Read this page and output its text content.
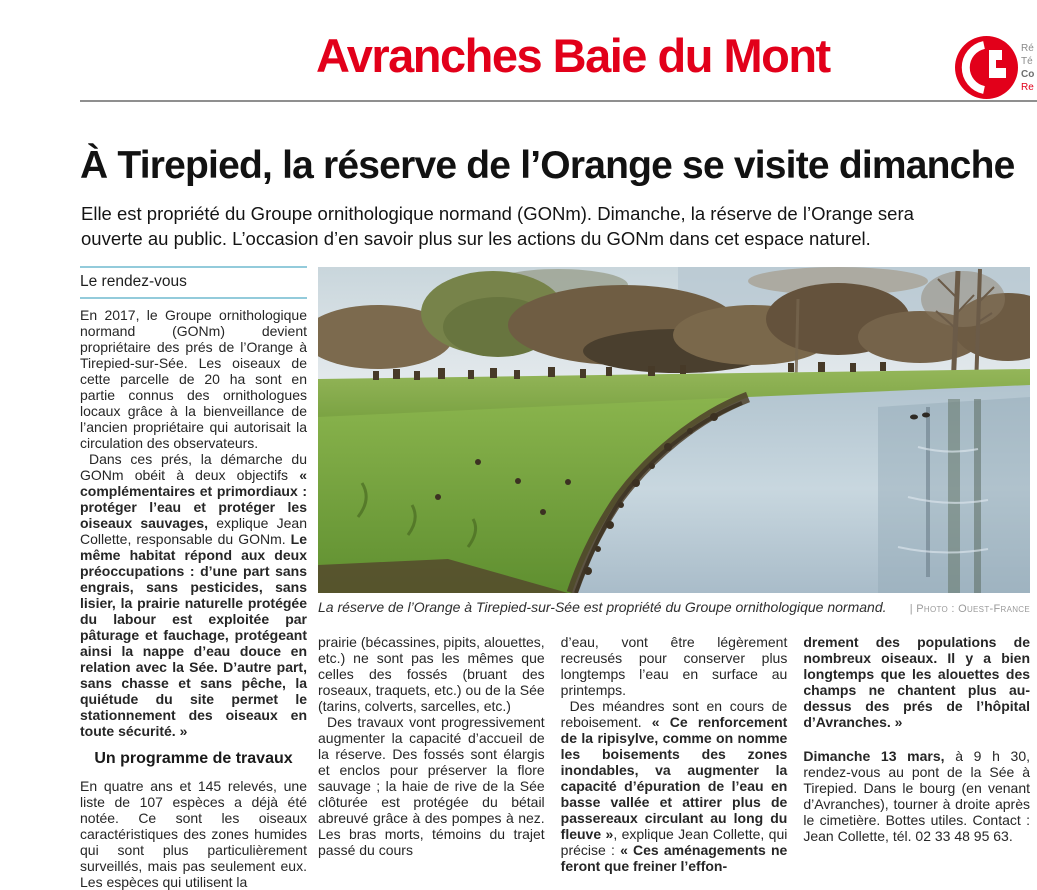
Avranches Baie du Mont	Ré
Té
Co
Re
À Tirepied, la réserve de l’Orange se visite dimanche

Elle est propriété du Groupe ornithologique normand (GONm). Dimanche, la réserve de l’Orange sera ouverte au public. L’occasion d’en savoir plus sur les actions du GONm dans cet espace naturel.

Le rendez-vous

En 2017, le Groupe ornithologique normand (GONm) devient propriétaire des prés de l’Orange à Tirepied-sur-Sée. Les oiseaux de cette parcelle de 20 ha sont en partie connus des ornithologues locaux grâce à la bienveillance de l’ancien propriétaire qui autorisait la circulation des observateurs.

Dans ces prés, la démarche du GONm obéit à deux objectifs « complémentaires et primordiaux : protéger l’eau et protéger les oiseaux sauvages, explique Jean Collette, responsable du GONm. Le même habitat répond aux deux préoccupations : d’une part sans engrais, sans pesticides, sans lisier, la prairie naturelle protégée du labour est exploitée par pâturage et fauchage, protégeant ainsi la nappe d’eau douce en relation avec la Sée. D’autre part, sans chasse et sans pêche, la quiétude du site permet le stationnement des oiseaux en toute sécurité. »

Un programme de travaux

En quatre ans et 145 relevés, une liste de 107 espèces a déjà été notée. Ce sont les oiseaux caractéristiques des zones humides qui sont plus particulièrement surveillés, mais pas seulement eux. Les espèces qui utilisent la

La réserve de l’Orange à Tirepied-sur-Sée est propriété du Groupe ornithologique normand. | Photo : Ouest-France

prairie (bécassines, pipits, alouettes, etc.) ne sont pas les mêmes que celles des fossés (bruant des roseaux, traquets, etc.) ou de la Sée (tarins, colverts, sarcelles, etc.)

Des travaux vont progressivement augmenter la capacité d’accueil de la réserve. Des fossés sont élargis et enclos pour préserver la flore sauvage ; la haie de rive de la Sée clôturée est protégée du bétail abreuvé grâce à des pompes à nez. Les bras morts, témoins du trajet passé du cours

d’eau, vont être légèrement recreusés pour conserver plus longtemps l’eau en surface au printemps.

Des méandres sont en cours de reboisement. « Ce renforcement de la ripisylve, comme on nomme les boisements des zones inondables, va augmenter la capacité d’épuration de l’eau en basse vallée et attirer plus de passereaux circulant au long du fleuve », explique Jean Collette, qui précise : « Ces aménagements ne feront que freiner l’effon-

drement des populations de nombreux oiseaux. Il y a bien longtemps que les alouettes des champs ne chantent plus au-dessus des prés de l’hôpital d’Avranches. »

Dimanche 13 mars, à 9 h 30, rendez-vous au pont de la Sée à Tirepied. Dans le bourg (en venant d’Avranches), tourner à droite après le cimetière. Bottes utiles. Contact : Jean Collette, tél. 02 33 48 95 63.
